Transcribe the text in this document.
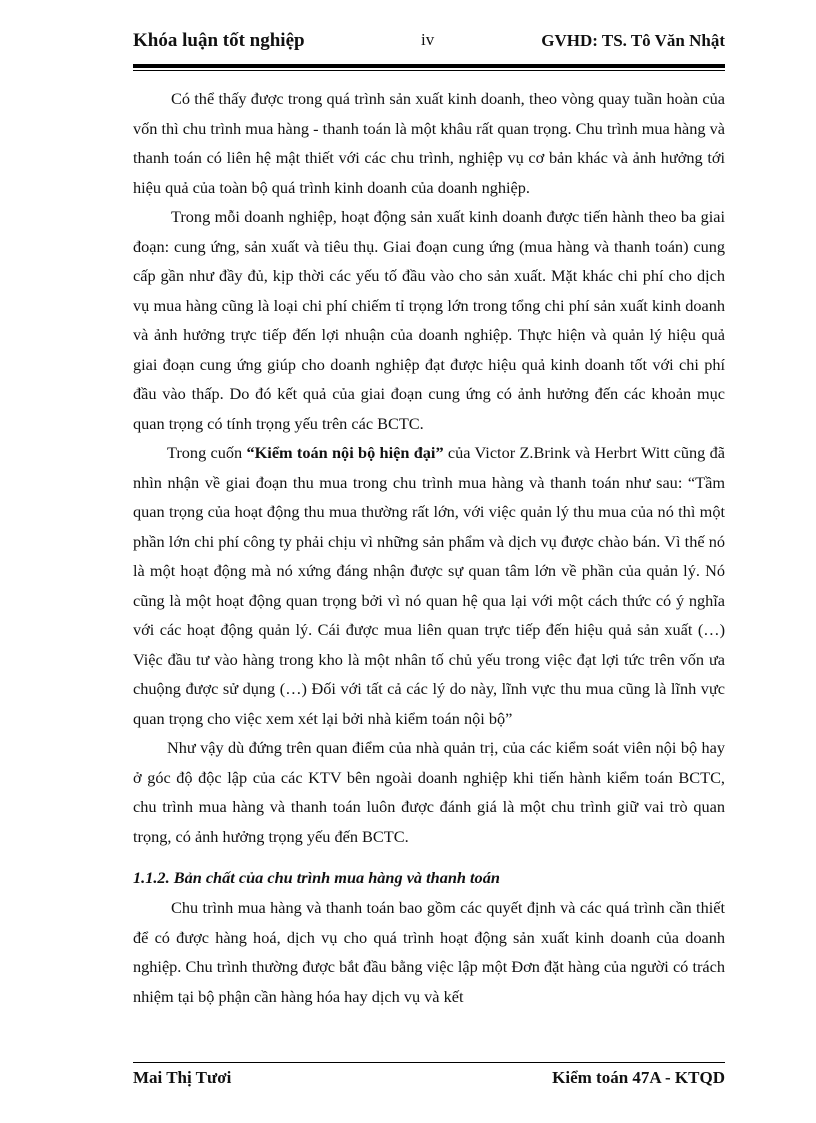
Khóa luận tốt nghiệp	iv	GVHD: TS. Tô Văn Nhật

Có thể thấy được trong quá trình sản xuất kinh doanh, theo vòng quay tuần hoàn của vốn thì chu trình mua hàng - thanh toán là một khâu rất quan trọng. Chu trình mua hàng và thanh toán có liên hệ mật thiết với các chu trình, nghiệp vụ cơ bản khác và ảnh hưởng tới hiệu quả của toàn bộ quá trình kinh doanh của doanh nghiệp.

Trong mỗi doanh nghiệp, hoạt động sản xuất kinh doanh được tiến hành theo ba giai đoạn: cung ứng, sản xuất và tiêu thụ. Giai đoạn cung ứng (mua hàng và thanh toán) cung cấp gần như đầy đủ, kịp thời các yếu tố đầu vào cho sản xuất. Mặt khác chi phí cho dịch vụ mua hàng cũng là loại chi phí chiếm tỉ trọng lớn trong tổng chi phí sản xuất kinh doanh và ảnh hưởng trực tiếp đến lợi nhuận của doanh nghiệp. Thực hiện và quản lý hiệu quả giai đoạn cung ứng giúp cho doanh nghiệp đạt được hiệu quả kinh doanh tốt với chi phí đầu vào thấp. Do đó kết quả của giai đoạn cung ứng có ảnh hưởng đến các khoản mục quan trọng có tính trọng yếu trên các BCTC.

Trong cuốn “Kiểm toán nội bộ hiện đại” của Victor Z.Brink và Herbrt Witt cũng đã nhìn nhận về giai đoạn thu mua trong chu trình mua hàng và thanh toán như sau: “Tầm quan trọng của hoạt động thu mua thường rất lớn, với việc quản lý thu mua của nó thì một phần lớn chi phí công ty phải chịu vì những sản phẩm và dịch vụ được chào bán. Vì thế nó là một hoạt động mà nó xứng đáng nhận được sự quan tâm lớn về phần của quản lý. Nó cũng là một hoạt động quan trọng bởi vì nó quan hệ qua lại với một cách thức có ý nghĩa với các hoạt động quản lý. Cái được mua liên quan trực tiếp đến hiệu quả sản xuất (…) Việc đầu tư vào hàng trong kho là một nhân tố chủ yếu trong việc đạt lợi tức trên vốn ưa chuộng được sử dụng (…) Đối với tất cả các lý do này, lĩnh vực thu mua cũng là lĩnh vực quan trọng cho việc xem xét lại bởi nhà kiểm toán nội bộ”

Như vậy dù đứng trên quan điểm của nhà quản trị, của các kiểm soát viên nội bộ hay ở góc độ độc lập của các KTV bên ngoài doanh nghiệp khi tiến hành kiểm toán BCTC, chu trình mua hàng và thanh toán luôn được đánh giá là một chu trình giữ vai trò quan trọng, có ảnh hưởng trọng yếu đến BCTC.

1.1.2. Bản chất của chu trình mua hàng và thanh toán

Chu trình mua hàng và thanh toán bao gồm các quyết định và các quá trình cần thiết để có được hàng hoá, dịch vụ cho quá trình hoạt động sản xuất kinh doanh của doanh nghiệp. Chu trình thường được bắt đầu bằng việc lập một Đơn đặt hàng của người có trách nhiệm tại bộ phận cần hàng hóa hay dịch vụ và kết

Mai Thị Tươi	Kiểm toán 47A - KTQD
